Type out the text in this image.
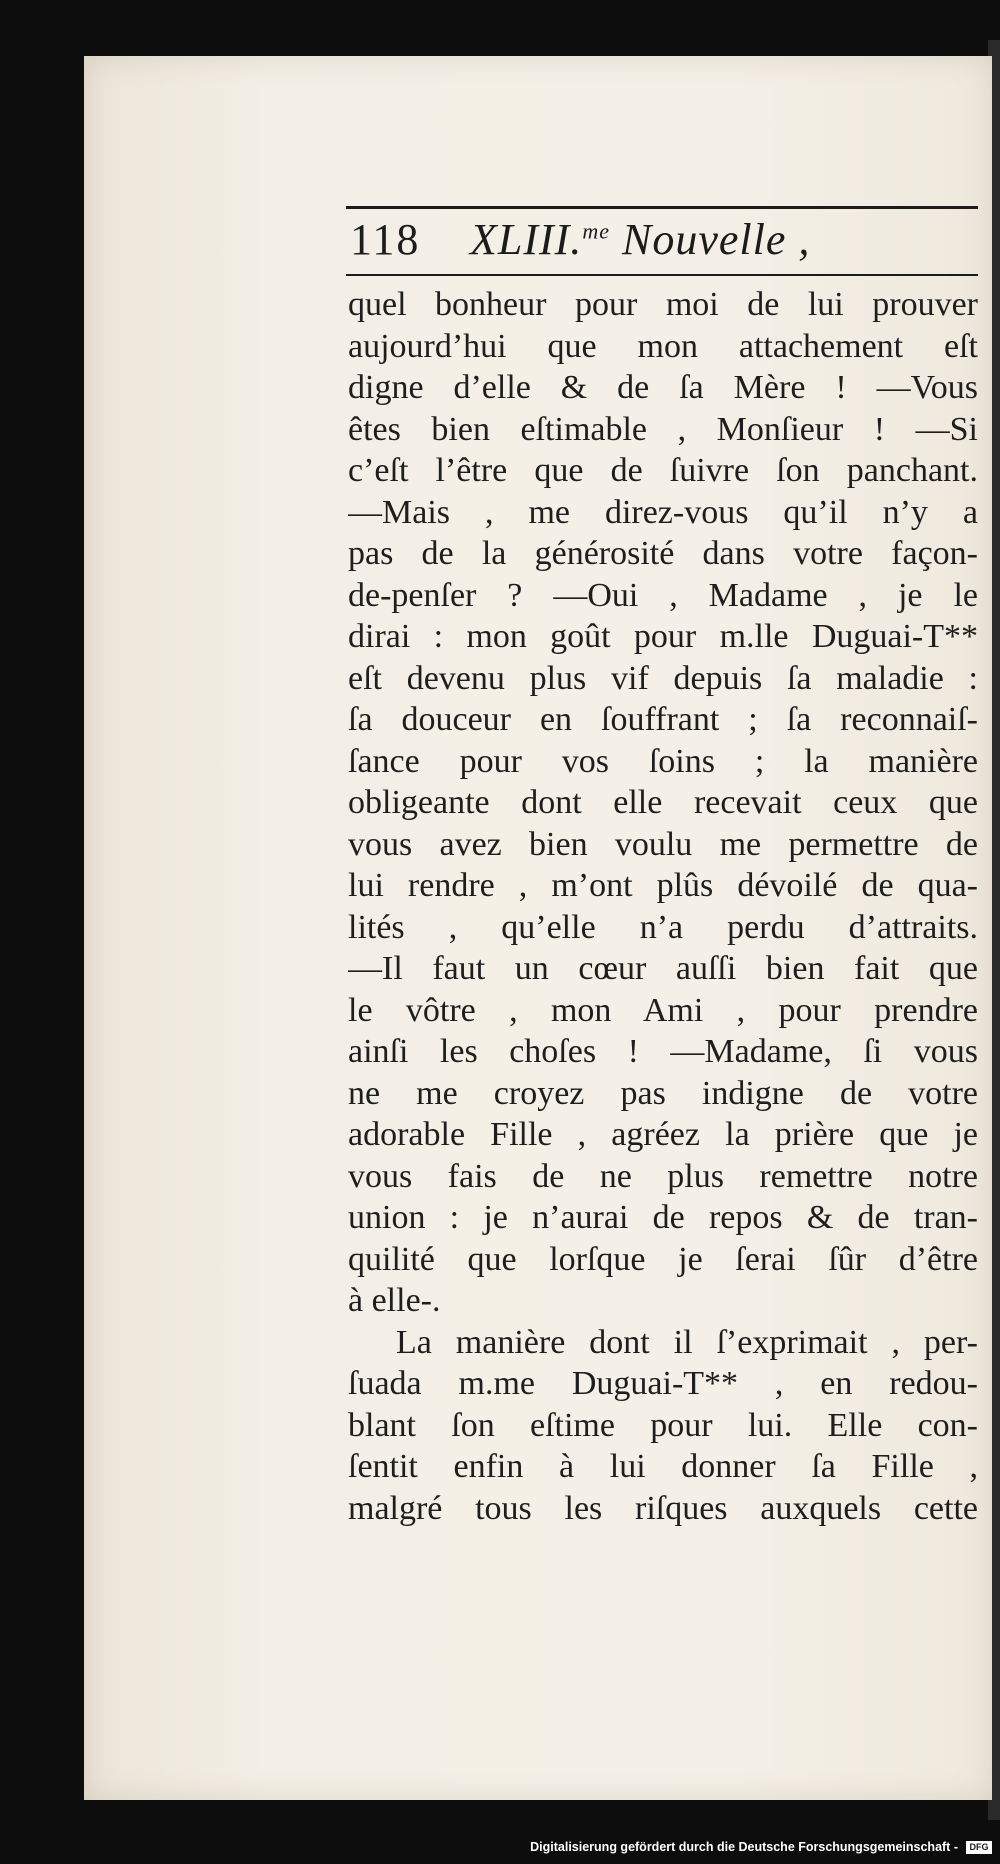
118 XLIII.$^{me}$ Nouvelle ,
quel bonheur pour moi de lui prouver
aujourd’hui que mon attachement eſt
digne d’elle & de ſa Mère ! —Vous
êtes bien eſtimable , Monſieur ! —Si
c’eſt l’être que de ſuivre ſon panchant.
—Mais , me direz-vous qu’il n’y a
pas de la générosité dans votre façon-
de-penſer ? —Oui , Madame , je le
dirai : mon goût pour m.lle Duguai-T**
eſt devenu plus vif depuis ſa maladie :
ſa douceur en ſouffrant ; ſa reconnaiſ-
ſance pour vos ſoins ; la manière
obligeante dont elle recevait ceux que
vous avez bien voulu me permettre de
lui rendre , m’ont plûs dévoilé de qua-
lités , qu’elle n’a perdu d’attraits.
—Il faut un cœur auſſi bien fait que
le vôtre , mon Ami , pour prendre
ainſi les choſes ! —Madame, ſi vous
ne me croyez pas indigne de votre
adorable Fille , agréez la prière que je
vous fais de ne plus remettre notre
union : je n’aurai de repos & de tran-
quilité que lorſque je ſerai ſûr d’être
à elle-.
La manière dont il ſ’exprimait , per-
ſuada m.me Duguai-T** , en redou-
blant ſon eſtime pour lui. Elle con-
ſentit enfin à lui donner ſa Fille ,
malgré tous les riſques auxquels cette
Digitalisierung gefördert durch die Deutsche Forschungsgemeinschaft -	DFG
